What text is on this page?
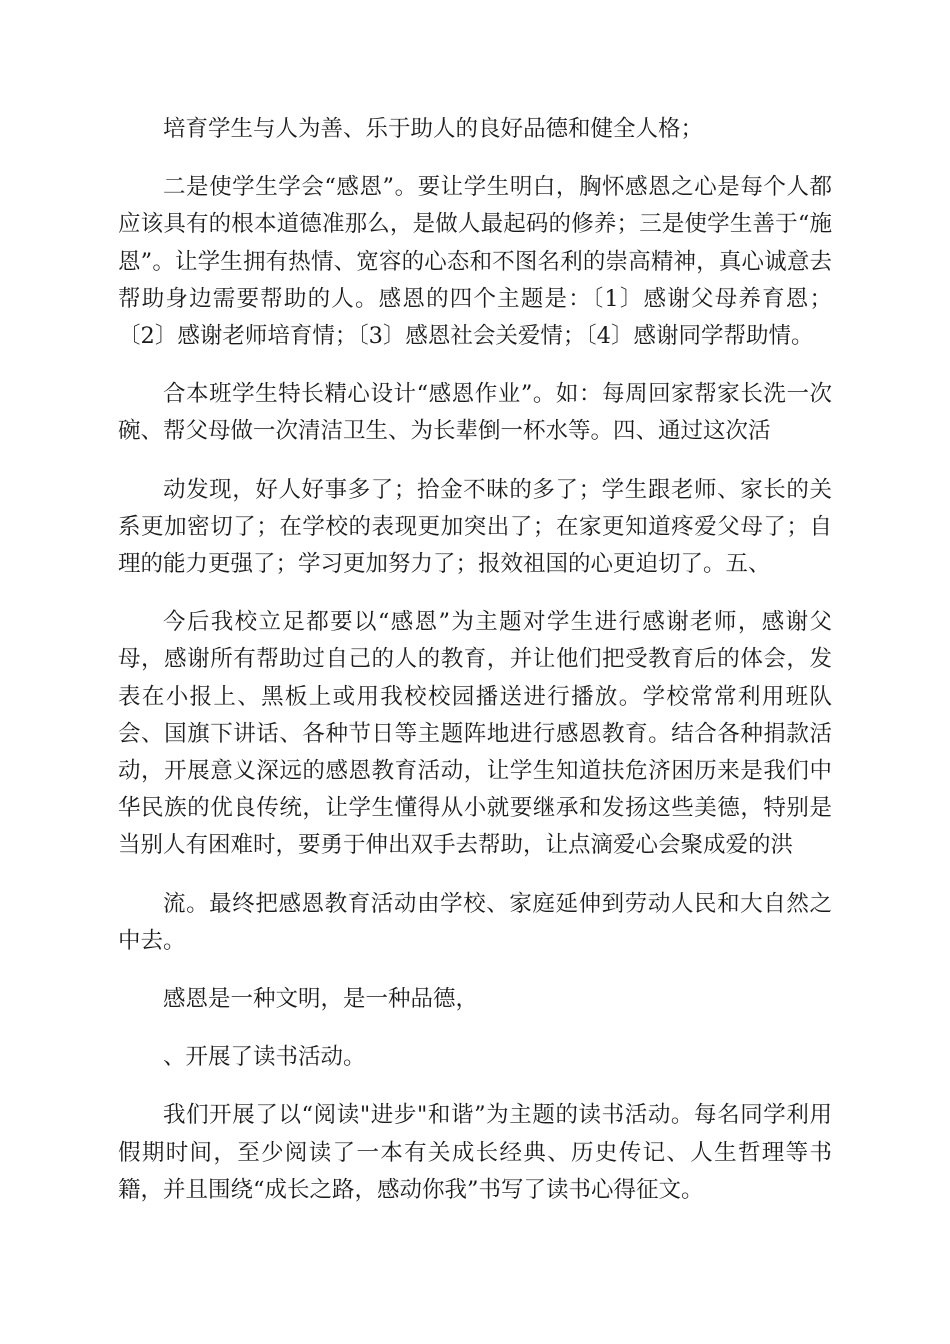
培育学生与人为善、乐于助人的良好品德和健全人格；

二是使学生学会“感恩”。要让学生明白，胸怀感恩之心是每个人都应该具有的根本道德准那么，是做人最起码的修养；三是使学生善于“施恩”。让学生拥有热情、宽容的心态和不图名利的崇高精神，真心诚意去帮助身边需要帮助的人。感恩的四个主题是：〔1〕感谢父母养育恩；〔2〕感谢老师培育情；〔3〕感恩社会关爱情；〔4〕感谢同学帮助情。

合本班学生特长精心设计“感恩作业”。如：每周回家帮家长洗一次碗、帮父母做一次清洁卫生、为长辈倒一杯水等。四、通过这次活

动发现，好人好事多了；拾金不昧的多了；学生跟老师、家长的关系更加密切了；在学校的表现更加突出了；在家更知道疼爱父母了；自理的能力更强了；学习更加努力了；报效祖国的心更迫切了。五、

今后我校立足都要以“感恩”为主题对学生进行感谢老师，感谢父母，感谢所有帮助过自己的人的教育，并让他们把受教育后的体会，发表在小报上、黑板上或用我校校园播送进行播放。学校常常利用班队会、国旗下讲话、各种节日等主题阵地进行感恩教育。结合各种捐款活动，开展意义深远的感恩教育活动，让学生知道扶危济困历来是我们中华民族的优良传统，让学生懂得从小就要继承和发扬这些美德，特别是当别人有困难时，要勇于伸出双手去帮助，让点滴爱心会聚成爱的洪

流。最终把感恩教育活动由学校、家庭延伸到劳动人民和大自然之中去。

感恩是一种文明，是一种品德，

、开展了读书活动。

我们开展了以“阅读"进步"和谐”为主题的读书活动。每名同学利用假期时间，至少阅读了一本有关成长经典、历史传记、人生哲理等书籍，并且围绕“成长之路，感动你我”书写了读书心得征文。
